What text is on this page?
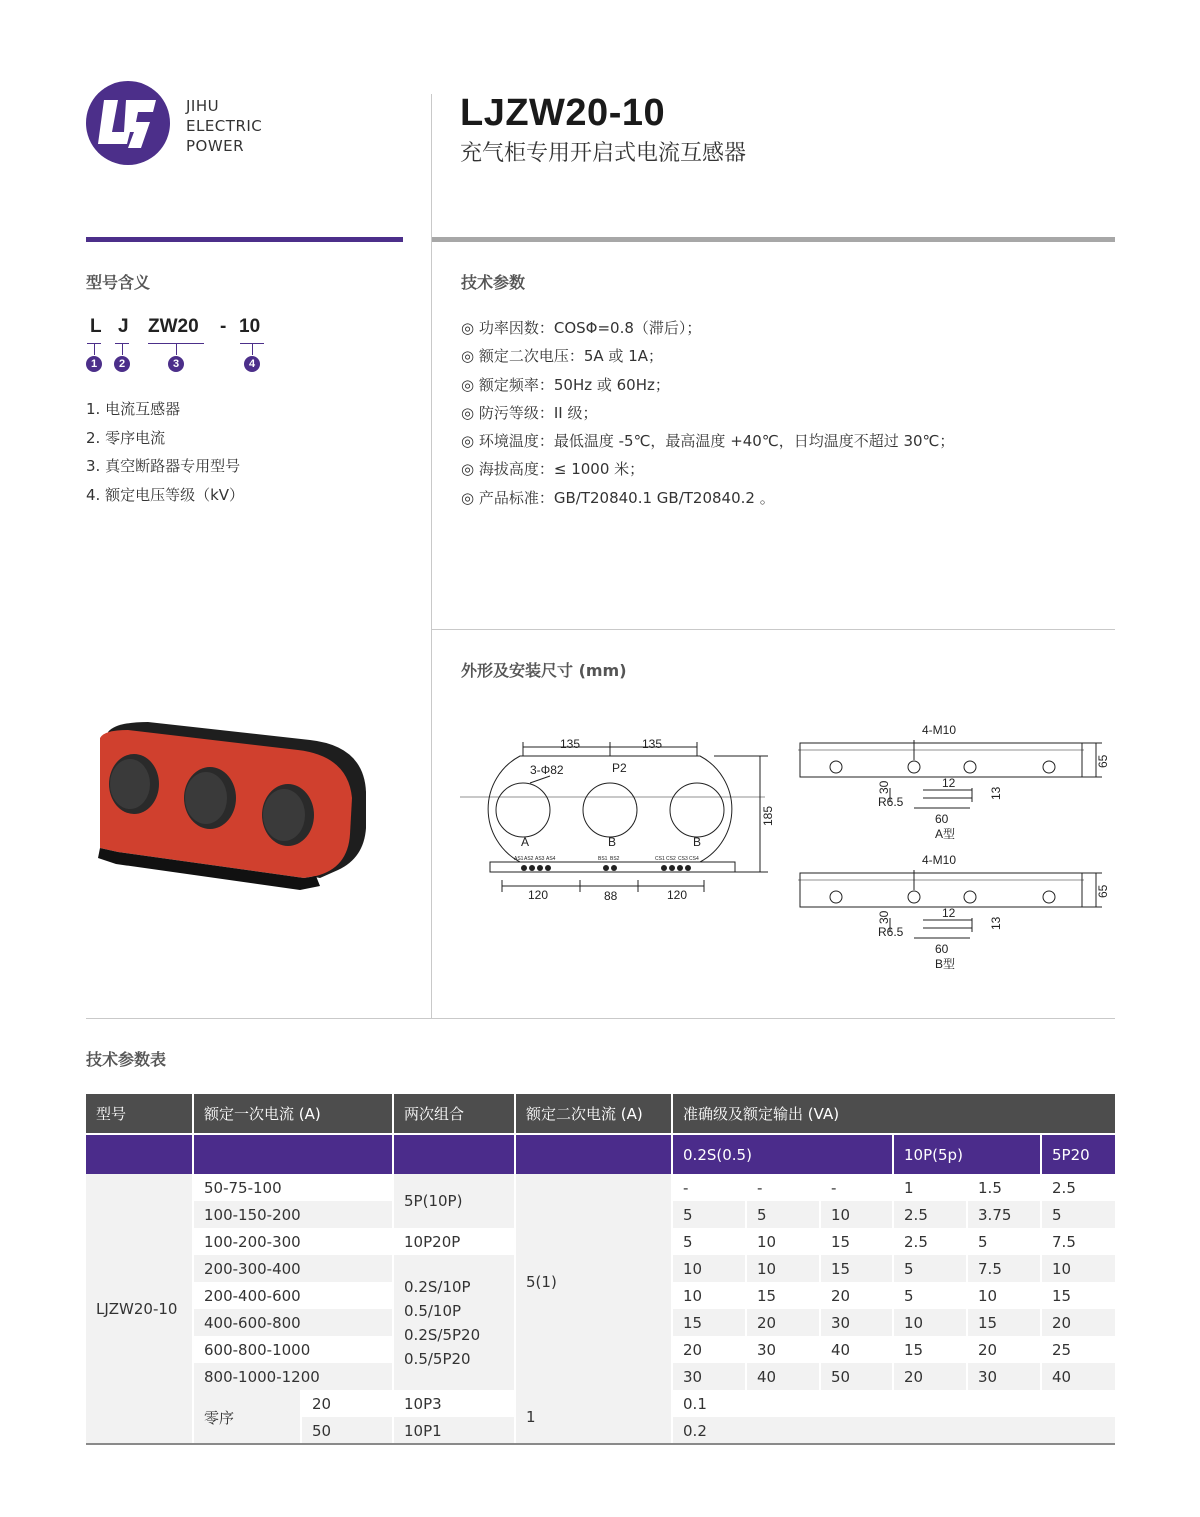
JIHU
ELECTRIC
POWER
LJZW20-10
充气柜专用开启式电流互感器
型号含义
L J ZW20 - 10
1	2	3	4
1. 电流互感器
2. 零序电流
3. 真空断路器专用型号
4. 额定电压等级（kV）
技术参数
◎ 功率因数：COSΦ=0.8（滞后）；
◎ 额定二次电压：5A 或 1A；
◎ 额定频率：50Hz 或 60Hz；
◎ 防污等级：II 级；
◎ 环境温度：最低温度 -5℃，最高温度 +40℃，日均温度不超过 30℃；
◎ 海拔高度：≤ 1000 米；
◎ 产品标准：GB/T20840.1 GB/T20840.2 。
外形及安装尺寸 (mm)
135	135
3-Φ82	P2
185
A	B	B
120	88	120
AS1 AS2 AS3 AS4	BS1 BS2	CS1 CS2 CS3 CS4
4-M10
65
30	12
13
R6.5
60
A型
4-M10
65
30	12
13
R6.5
60
B型
技术参数表
型号	额定一次电流 (A)		两次组合	额定二次电流 (A)	准确级及额定输出 (VA)					
					0.2S(0.5)			10P(5p)		5P20
LJZW20-10	50-75-100		5P(10P)	5(1)	-	-	-	1	1.5	2.5
	100-150-200				5	5	10	2.5	3.75	5
	100-200-300		10P20P		5	10	15	2.5	5	7.5
	200-300-400		0.2S/10P
0.5/10P
0.2S/5P20
0.5/5P20		10	10	15	5	7.5	10
	200-400-600				10	15	20	5	10	15
	400-600-800				15	20	30	10	15	20
	600-800-1000				20	30	40	15	20	25
	800-1000-1200				30	40	50	20	30	40
	零序	20	10P3	1	0.1					
		50	10P1		0.2					
